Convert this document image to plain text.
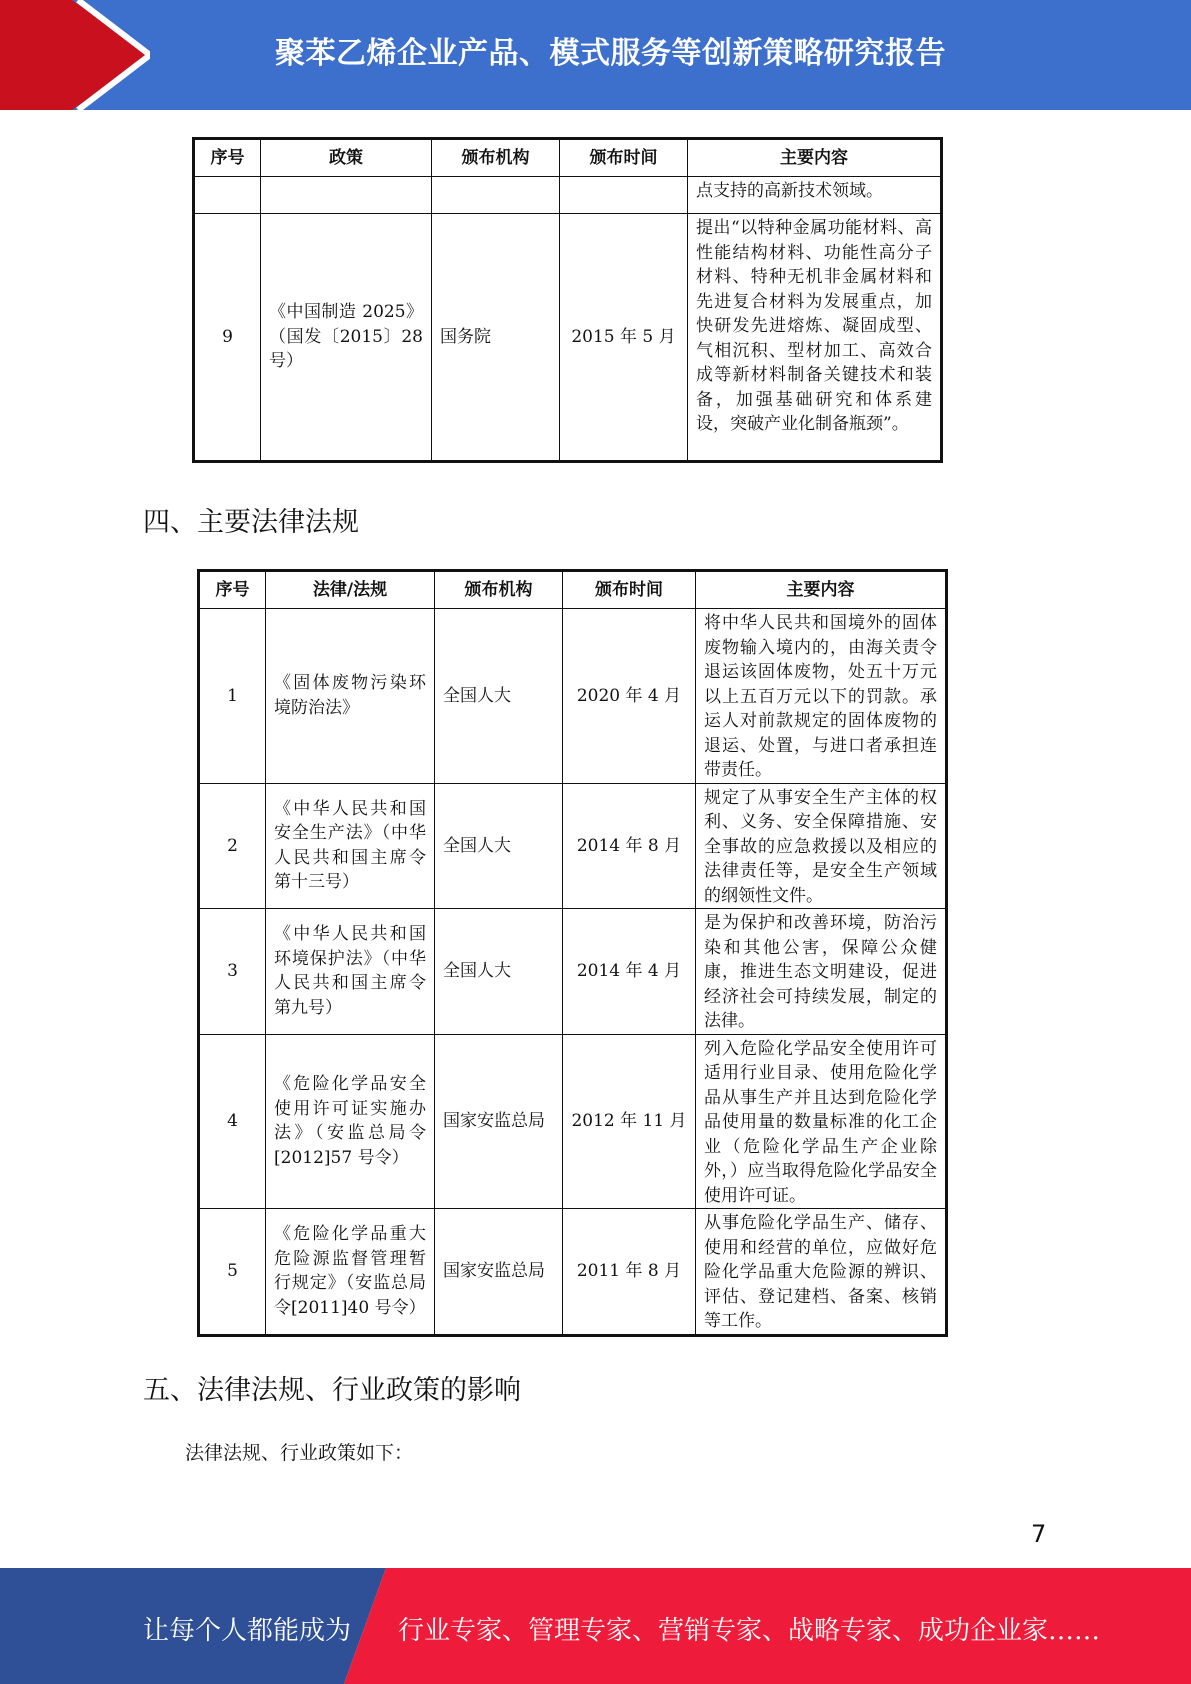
聚苯乙烯企业产品、模式服务等创新策略研究报告
序号	政策	颁布机构	颁布时间	主要内容
				点支持的高新技术领域。
9	《中国制造 2025》（国发〔2015〕28 号）	国务院	2015 年 5 月	提出“以特种金属功能材料、高性能结构材料、功能性高分子材料、特种无机非金属材料和先进复合材料为发展重点，加快研发先进熔炼、凝固成型、气相沉积、型材加工、高效合成等新材料制备关键技术和装备，加强基础研究和体系建设，突破产业化制备瓶颈”。
四、主要法律法规
序号	法律/法规	颁布机构	颁布时间	主要内容
1	《固体废物污染环境防治法》	全国人大	2020 年 4 月	将中华人民共和国境外的固体废物输入境内的，由海关责令退运该固体废物，处五十万元以上五百万元以下的罚款。承运人对前款规定的固体废物的退运、处置，与进口者承担连带责任。
2	《中华人民共和国安全生产法》（中华人民共和国主席令第十三号）	全国人大	2014 年 8 月	规定了从事安全生产主体的权利、义务、安全保障措施、安全事故的应急救援以及相应的法律责任等，是安全生产领域的纲领性文件。
3	《中华人民共和国环境保护法》（中华人民共和国主席令第九号）	全国人大	2014 年 4 月	是为保护和改善环境，防治污染和其他公害，保障公众健康，推进生态文明建设，促进经济社会可持续发展，制定的法律。
4	《危险化学品安全使用许可证实施办法》（安监总局令 [2012]57 号令）	国家安监总局	2012 年 11 月	列入危险化学品安全使用许可适用行业目录、使用危险化学品从事生产并且达到危险化学品使用量的数量标准的化工企业（危险化学品生产企业除外，）应当取得危险化学品安全使用许可证。
5	《危险化学品重大危险源监督管理暂行规定》（安监总局令[2011]40 号令）	国家安监总局	2011 年 8 月	从事危险化学品生产、储存、使用和经营的单位，应做好危险化学品重大危险源的辨识、评估、登记建档、备案、核销等工作。
五、法律法规、行业政策的影响
法律法规、行业政策如下：
7
让每个人都能成为 行业专家、管理专家、营销专家、战略专家、成功企业家……
